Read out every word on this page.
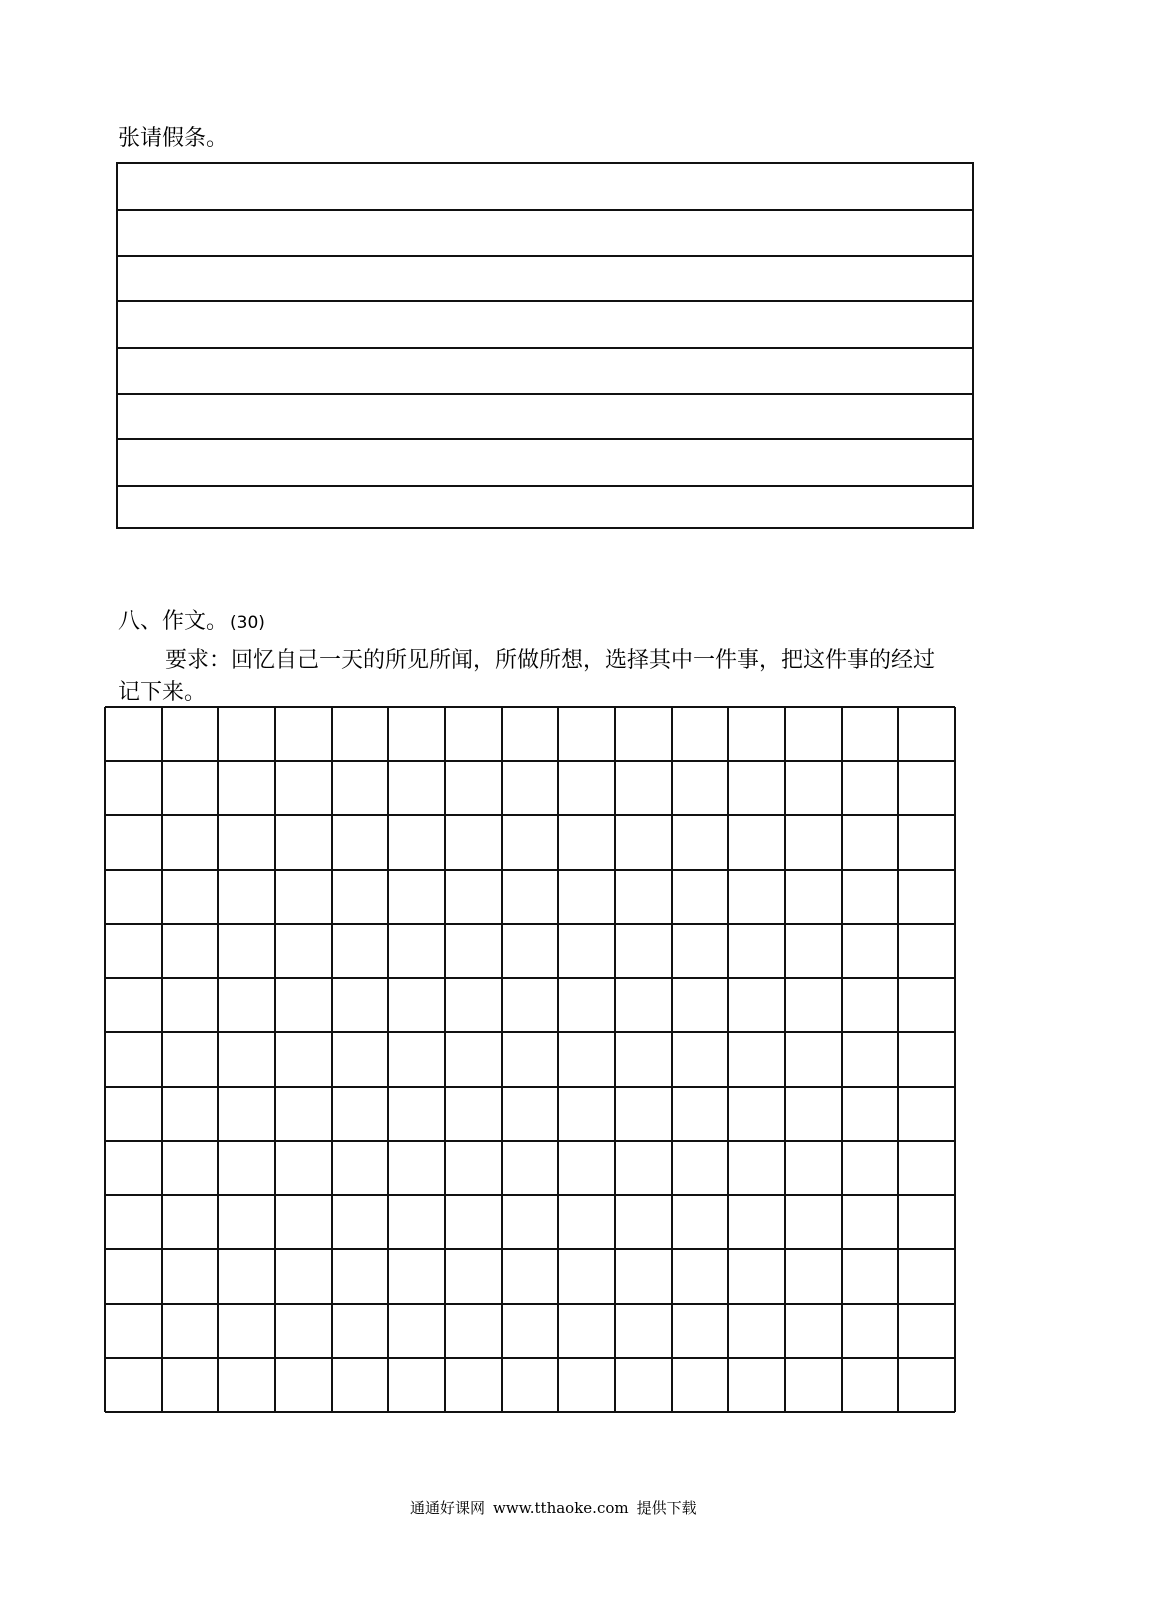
张请假条。

八、作文。 (30)

要求：回忆自己一天的所见所闻，所做所想，选择其中一件事，把这件事的经过

记下来。

通通好课网 www.tthaoke.com 提供下载
